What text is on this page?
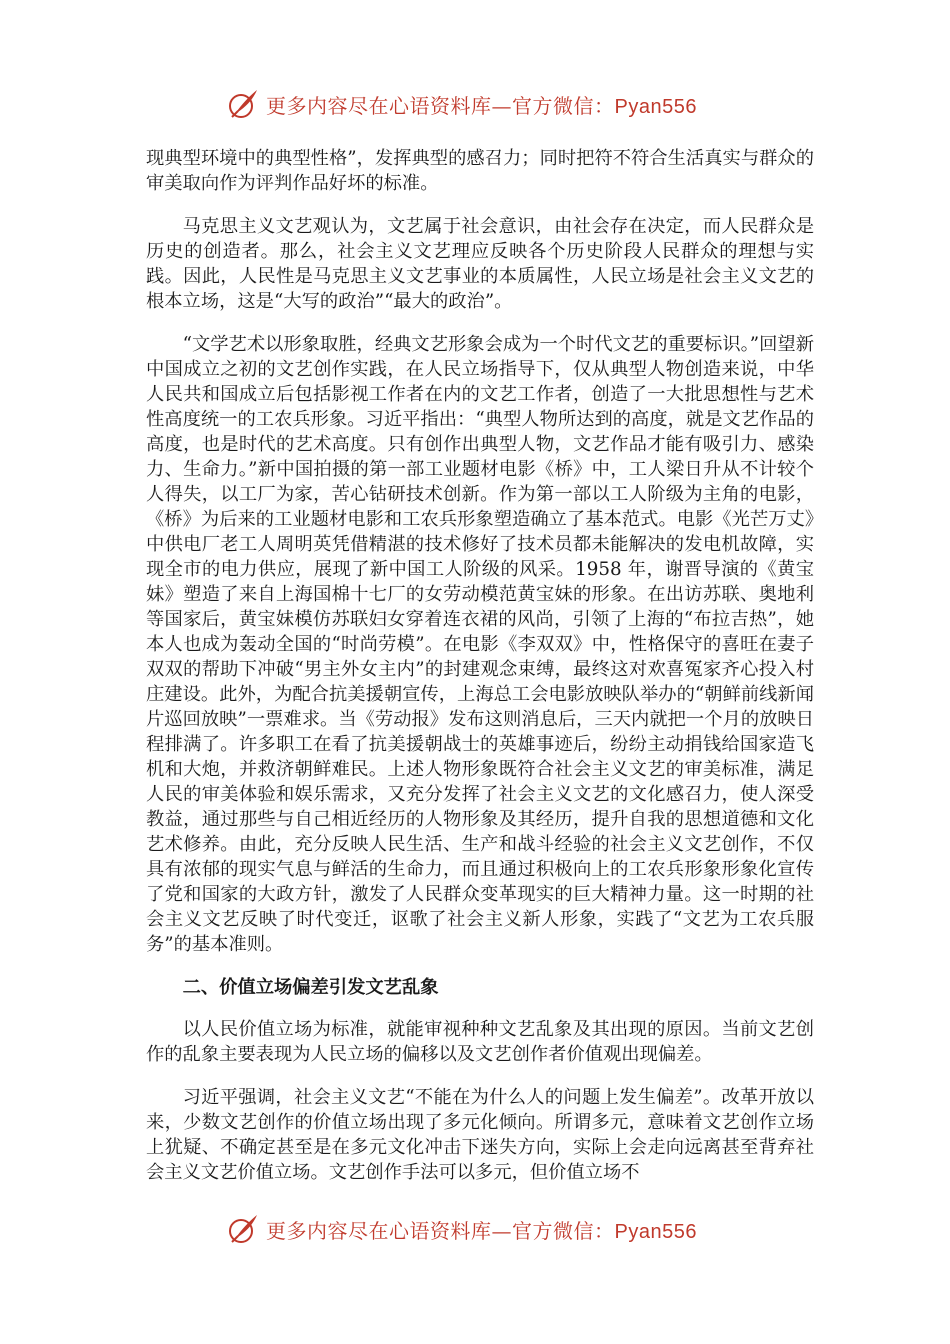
更多内容尽在心语资料库—官方微信：Pyan556

现典型环境中的典型性格”，发挥典型的感召力；同时把符不符合生活真实与群众的审美取向作为评判作品好坏的标准。

马克思主义文艺观认为，文艺属于社会意识，由社会存在决定，而人民群众是历史的创造者。那么，社会主义文艺理应反映各个历史阶段人民群众的理想与实践。因此，人民性是马克思主义文艺事业的本质属性，人民立场是社会主义文艺的根本立场，这是“大写的政治”“最大的政治”。

“文学艺术以形象取胜，经典文艺形象会成为一个时代文艺的重要标识。”回望新中国成立之初的文艺创作实践，在人民立场指导下，仅从典型人物创造来说，中华人民共和国成立后包括影视工作者在内的文艺工作者，创造了一大批思想性与艺术性高度统一的工农兵形象。习近平指出：“典型人物所达到的高度，就是文艺作品的高度，也是时代的艺术高度。只有创作出典型人物，文艺作品才能有吸引力、感染力、生命力。”新中国拍摄的第一部工业题材电影《桥》中，工人梁日升从不计较个人得失，以工厂为家，苦心钻研技术创新。作为第一部以工人阶级为主角的电影，《桥》为后来的工业题材电影和工农兵形象塑造确立了基本范式。电影《光芒万丈》中供电厂老工人周明英凭借精湛的技术修好了技术员都未能解决的发电机故障，实现全市的电力供应，展现了新中国工人阶级的风采。1958 年，谢晋导演的《黄宝妹》塑造了来自上海国棉十七厂的女劳动模范黄宝妹的形象。在出访苏联、奥地利等国家后，黄宝妹模仿苏联妇女穿着连衣裙的风尚，引领了上海的“布拉吉热”，她本人也成为轰动全国的“时尚劳模”。在电影《李双双》中，性格保守的喜旺在妻子双双的帮助下冲破“男主外女主内”的封建观念束缚，最终这对欢喜冤家齐心投入村庄建设。此外，为配合抗美援朝宣传，上海总工会电影放映队举办的“朝鲜前线新闻片巡回放映”一票难求。当《劳动报》发布这则消息后，三天内就把一个月的放映日程排满了。许多职工在看了抗美援朝战士的英雄事迹后，纷纷主动捐钱给国家造飞机和大炮，并救济朝鲜难民。上述人物形象既符合社会主义文艺的审美标准，满足人民的审美体验和娱乐需求，又充分发挥了社会主义文艺的文化感召力，使人深受教益，通过那些与自己相近经历的人物形象及其经历，提升自我的思想道德和文化艺术修养。由此，充分反映人民生活、生产和战斗经验的社会主义文艺创作，不仅具有浓郁的现实气息与鲜活的生命力，而且通过积极向上的工农兵形象形象化宣传了党和国家的大政方针，激发了人民群众变革现实的巨大精神力量。这一时期的社会主义文艺反映了时代变迁，讴歌了社会主义新人形象，实践了“文艺为工农兵服务”的基本准则。

二、价值立场偏差引发文艺乱象

以人民价值立场为标准，就能审视种种文艺乱象及其出现的原因。当前文艺创作的乱象主要表现为人民立场的偏移以及文艺创作者价值观出现偏差。

习近平强调，社会主义文艺“不能在为什么人的问题上发生偏差”。改革开放以来，少数文艺创作的价值立场出现了多元化倾向。所谓多元，意味着文艺创作立场上犹疑、不确定甚至是在多元文化冲击下迷失方向，实际上会走向远离甚至背弃社会主义文艺价值立场。文艺创作手法可以多元，但价值立场不

更多内容尽在心语资料库—官方微信：Pyan556
